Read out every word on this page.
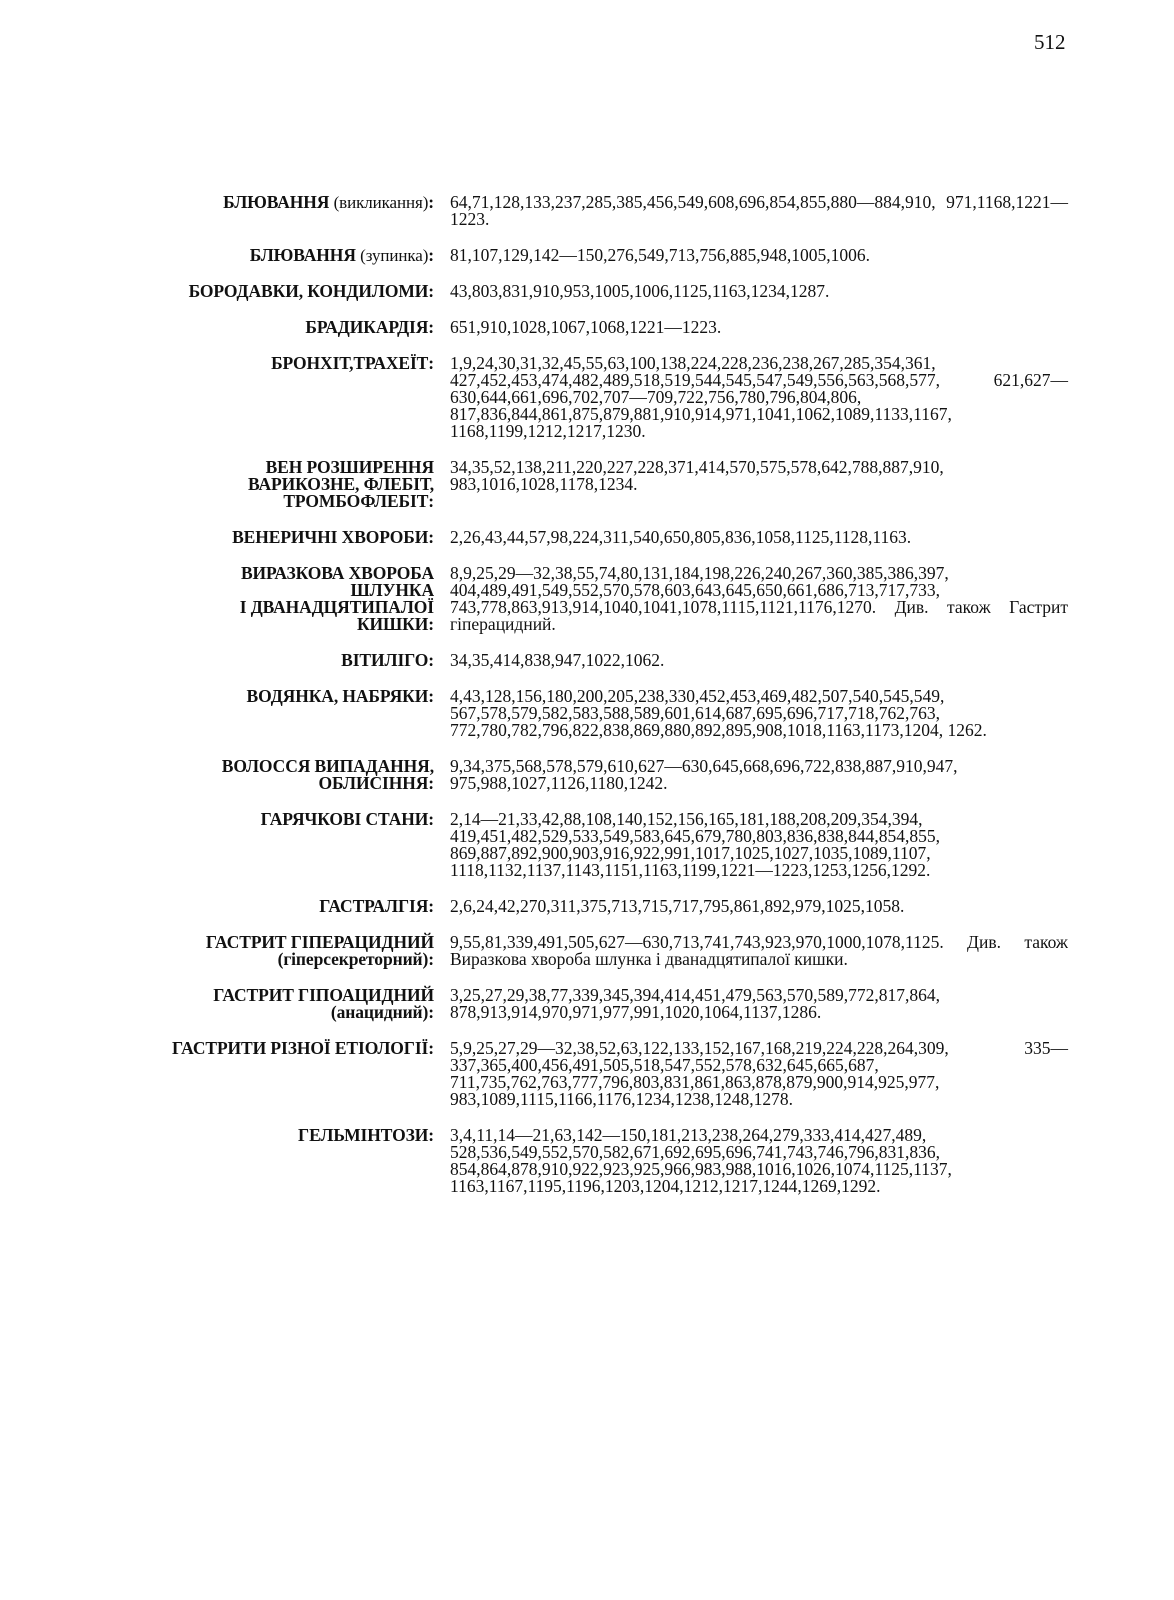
512
БЛЮВАННЯ (викликання): 64,71,128,133,237,285,385,456,549,608,696,854,855,880—884,910, 971,1168,1221—1223.
БЛЮВАННЯ (зупинка): 81,107,129,142—150,276,549,713,756,885,948,1005,1006.
БОРОДАВКИ, КОНДИЛОМИ: 43,803,831,910,953,1005,1006,1125,1163,1234,1287.
БРАДИКАРДІЯ: 651,910,1028,1067,1068,1221—1223.
БРОНХІТ,ТРАХЕЇТ: 1,9,24,30,31,32,45,55,63,100,138,224,228,236,238,267,285,354,361, 427,452,453,474,482,489,518,519,544,545,547,549,556,563,568,577, 621,627—630,644,661,696,702,707—709,722,756,780,796,804,806, 817,836,844,861,875,879,881,910,914,971,1041,1062,1089,1133,1167, 1168,1199,1212,1217,1230.
ВЕН РОЗШИРЕННЯ
ВАРИКОЗНЕ, ФЛЕБІТ,
ТРОМБОФЛЕБІТ:
34,35,52,138,211,220,227,228,371,414,570,575,578,642,788,887,910, 983,1016,1028,1178,1234.
ВЕНЕРИЧНІ ХВОРОБИ: 2,26,43,44,57,98,224,311,540,650,805,836,1058,1125,1128,1163.
ВИРАЗКОВА ХВОРОБА
ШЛУНКА
І ДВАНАДЦЯТИПАЛОЇ
КИШКИ:
8,9,25,29—32,38,55,74,80,131,184,198,226,240,267,360,385,386,397, 404,489,491,549,552,570,578,603,643,645,650,661,686,713,717,733, 743,778,863,913,914,1040,1041,1078,1115,1121,1176,1270. Див. також Гастрит гіперацидний.
ВІТИЛІГО: 34,35,414,838,947,1022,1062.
ВОДЯНКА, НАБРЯКИ: 4,43,128,156,180,200,205,238,330,452,453,469,482,507,540,545,549, 567,578,579,582,583,588,589,601,614,687,695,696,717,718,762,763, 772,780,782,796,822,838,869,880,892,895,908,1018,1163,1173,1204, 1262.
ВОЛОССЯ ВИПАДАННЯ,
ОБЛИСІННЯ:
9,34,375,568,578,579,610,627—630,645,668,696,722,838,887,910,947, 975,988,1027,1126,1180,1242.
ГАРЯЧКОВІ СТАНИ: 2,14—21,33,42,88,108,140,152,156,165,181,188,208,209,354,394, 419,451,482,529,533,549,583,645,679,780,803,836,838,844,854,855, 869,887,892,900,903,916,922,991,1017,1025,1027,1035,1089,1107, 1118,1132,1137,1143,1151,1163,1199,1221—1223,1253,1256,1292.
ГАСТРАЛГІЯ: 2,6,24,42,270,311,375,713,715,717,795,861,892,979,1025,1058.
ГАСТРИТ ГІПЕРАЦИДНИЙ
(гіперсекреторний):
9,55,81,339,491,505,627—630,713,741,743,923,970,1000,1078,1125. Див. також Виразкова хвороба шлунка і дванадцятипалої кишки.
ГАСТРИТ ГІПОАЦИДНИЙ
(анацидний):
3,25,27,29,38,77,339,345,394,414,451,479,563,570,589,772,817,864, 878,913,914,970,971,977,991,1020,1064,1137,1286.
ГАСТРИТИ РІЗНОЇ ЕТІОЛОГІЇ: 5,9,25,27,29—32,38,52,63,122,133,152,167,168,219,224,228,264,309, 335—337,365,400,456,491,505,518,547,552,578,632,645,665,687, 711,735,762,763,777,796,803,831,861,863,878,879,900,914,925,977, 983,1089,1115,1166,1176,1234,1238,1248,1278.
ГЕЛЬМІНТОЗИ: 3,4,11,14—21,63,142—150,181,213,238,264,279,333,414,427,489, 528,536,549,552,570,582,671,692,695,696,741,743,746,796,831,836, 854,864,878,910,922,923,925,966,983,988,1016,1026,1074,1125,1137, 1163,1167,1195,1196,1203,1204,1212,1217,1244,1269,1292.
